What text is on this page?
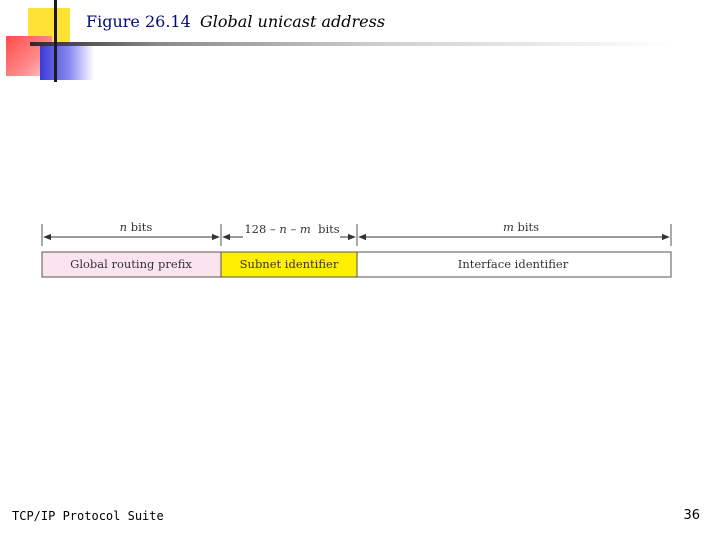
Figure 26.14 Global unicast address
n bits	128 – n – m  bits	m bits
Global routing prefix	Subnet identifier	Interface identifier
TCP/IP Protocol Suite	36
